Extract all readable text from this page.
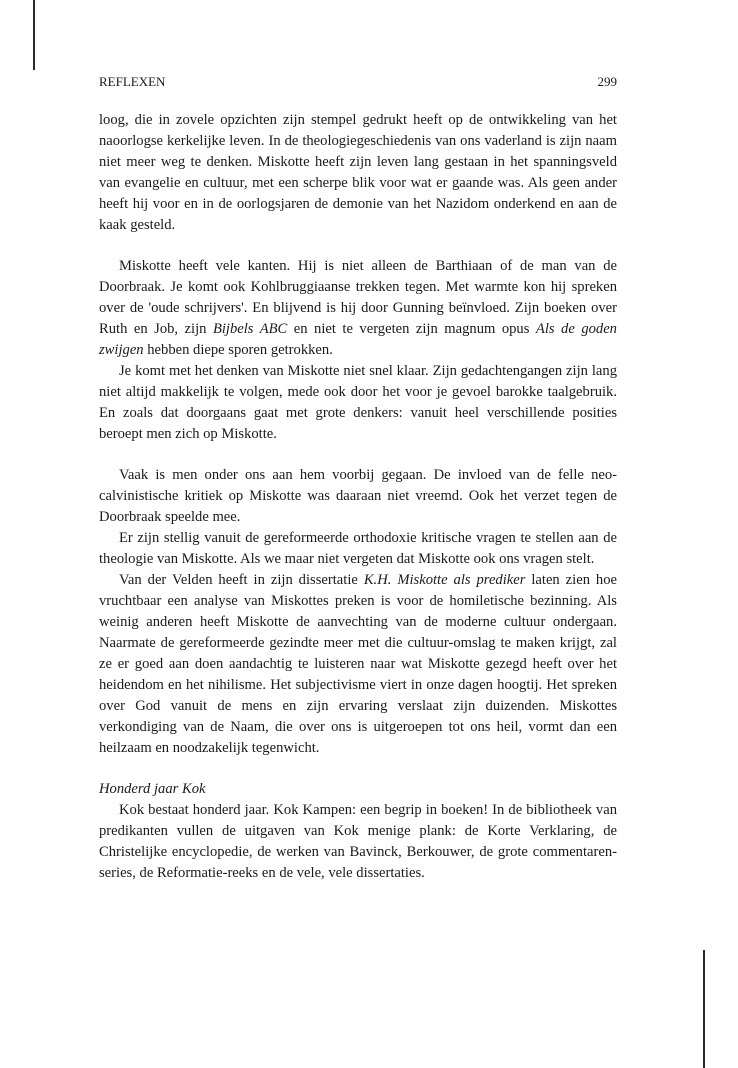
REFLEXEN	299

loog, die in zovele opzichten zijn stempel gedrukt heeft op de ontwikkeling van het naoorlogse kerkelijke leven. In de theologiegeschiedenis van ons vaderland is zijn naam niet meer weg te denken. Miskotte heeft zijn leven lang gestaan in het spanningsveld van evangelie en cultuur, met een scherpe blik voor wat er gaande was. Als geen ander heeft hij voor en in de oorlogsjaren de demonie van het Nazidom onderkend en aan de kaak gesteld.

Miskotte heeft vele kanten. Hij is niet alleen de Barthiaan of de man van de Doorbraak. Je komt ook Kohlbruggiaanse trekken tegen. Met warmte kon hij spreken over de 'oude schrijvers'. En blijvend is hij door Gunning beïnvloed. Zijn boeken over Ruth en Job, zijn Bijbels ABC en niet te vergeten zijn magnum opus Als de goden zwijgen hebben diepe sporen getrokken.

Je komt met het denken van Miskotte niet snel klaar. Zijn gedachtengangen zijn lang niet altijd makkelijk te volgen, mede ook door het voor je gevoel barokke taalgebruik. En zoals dat doorgaans gaat met grote denkers: vanuit heel verschillende posities beroept men zich op Miskotte.

Vaak is men onder ons aan hem voorbij gegaan. De invloed van de felle neo-calvinistische kritiek op Miskotte was daaraan niet vreemd. Ook het verzet tegen de Doorbraak speelde mee.

Er zijn stellig vanuit de gereformeerde orthodoxie kritische vragen te stellen aan de theologie van Miskotte. Als we maar niet vergeten dat Miskotte ook ons vragen stelt.

Van der Velden heeft in zijn dissertatie K.H. Miskotte als prediker laten zien hoe vruchtbaar een analyse van Miskottes preken is voor de homiletische bezinning. Als weinig anderen heeft Miskotte de aanvechting van de moderne cultuur ondergaan. Naarmate de gereformeerde gezindte meer met die cultuur-omslag te maken krijgt, zal ze er goed aan doen aandachtig te luisteren naar wat Miskotte gezegd heeft over het heidendom en het nihilisme. Het subjectivisme viert in onze dagen hoogtij. Het spreken over God vanuit de mens en zijn ervaring verslaat zijn duizenden. Miskottes verkondiging van de Naam, die over ons is uitgeroepen tot ons heil, vormt dan een heilzaam en noodzakelijk tegenwicht.

Honderd jaar Kok

Kok bestaat honderd jaar. Kok Kampen: een begrip in boeken! In de bibliotheek van predikanten vullen de uitgaven van Kok menige plank: de Korte Verklaring, de Christelijke encyclopedie, de werken van Bavinck, Berkouwer, de grote commentaren-series, de Reformatie-reeks en de vele, vele dissertaties.
